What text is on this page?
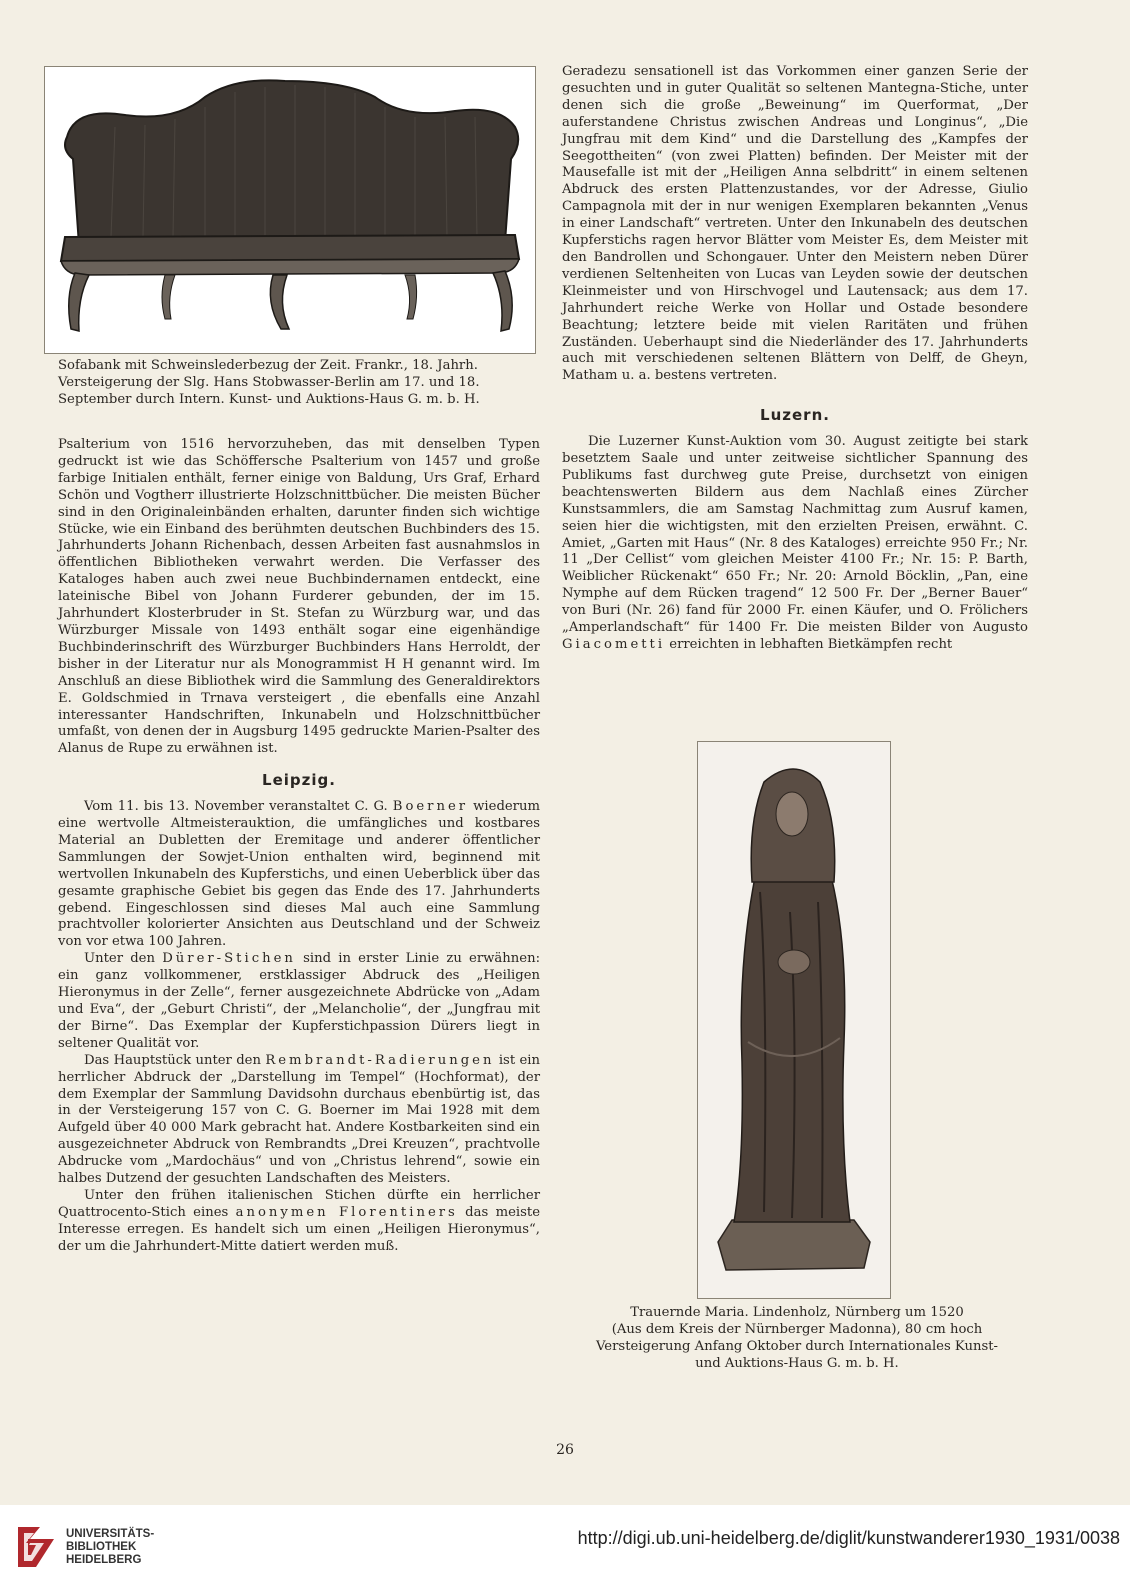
Sofabank mit Schweinslederbezug der Zeit. Frankr., 18. Jahrh.
Versteigerung der Slg. Hans Stobwasser-Berlin am 17. und 18.
September durch Intern. Kunst- und Auktions-Haus G. m. b. H.

Psalterium von 1516 hervorzuheben, das mit denselben Typen gedruckt ist wie das Schöffersche Psalterium von 1457 und große farbige Initialen enthält, ferner einige von Baldung, Urs Graf, Erhard Schön und Vogtherr illustrierte Holzschnittbücher. Die meisten Bücher sind in den Originaleinbänden erhalten, darunter finden sich wichtige Stücke, wie ein Einband des berühmten deutschen Buchbinders des 15. Jahrhunderts Johann Richenbach, dessen Arbeiten fast ausnahmslos in öffentlichen Bibliotheken verwahrt werden. Die Verfasser des Kataloges haben auch zwei neue Buchbindernamen entdeckt, eine lateinische Bibel von Johann Furderer gebunden, der im 15. Jahrhundert Klosterbruder in St. Stefan zu Würzburg war, und das Würzburger Missale von 1493 enthält sogar eine eigenhändige Buchbinderinschrift des Würzburger Buchbinders Hans Herroldt, der bisher in der Literatur nur als Monogrammist H H genannt wird. Im Anschluß an diese Bibliothek wird die Sammlung des Generaldirektors E. Goldschmied in Trnava versteigert , die ebenfalls eine Anzahl interessanter Handschriften, Inkunabeln und Holzschnittbücher umfaßt, von denen der in Augsburg 1495 gedruckte Marien-Psalter des Alanus de Rupe zu erwähnen ist.

Leipzig.

Vom 11. bis 13. November veranstaltet C. G. Boerner wiederum eine wertvolle Altmeisterauktion, die umfängliches und kostbares Material an Dubletten der Eremitage und anderer öffentlicher Sammlungen der Sowjet-Union enthalten wird, beginnend mit wertvollen Inkunabeln des Kupferstichs, und einen Ueberblick über das gesamte graphische Gebiet bis gegen das Ende des 17. Jahrhunderts gebend. Eingeschlossen sind dieses Mal auch eine Sammlung prachtvoller kolorierter Ansichten aus Deutschland und der Schweiz von vor etwa 100 Jahren.

Unter den Dürer-Stichen sind in erster Linie zu erwähnen: ein ganz vollkommener, erstklassiger Abdruck des „Heiligen Hieronymus in der Zelle“, ferner ausgezeichnete Abdrücke von „Adam und Eva“, der „Geburt Christi“, der „Melancholie“, der „Jungfrau mit der Birne“. Das Exemplar der Kupferstichpassion Dürers liegt in seltener Qualität vor.

Das Hauptstück unter den Rembrandt-Radierungen ist ein herrlicher Abdruck der „Darstellung im Tempel“ (Hochformat), der dem Exemplar der Sammlung Davidsohn durchaus ebenbürtig ist, das in der Versteigerung 157 von C. G. Boerner im Mai 1928 mit dem Aufgeld über 40 000 Mark gebracht hat. Andere Kostbarkeiten sind ein ausgezeichneter Abdruck von Rembrandts „Drei Kreuzen“, prachtvolle Abdrucke vom „Mardochäus“ und von „Christus lehrend“, sowie ein halbes Dutzend der gesuchten Landschaften des Meisters.

Unter den frühen italienischen Stichen dürfte ein herrlicher Quattrocento-Stich eines anonymen Florentiners das meiste Interesse erregen. Es handelt sich um einen „Heiligen Hieronymus“, der um die Jahrhundert-Mitte datiert werden muß.

Geradezu sensationell ist das Vorkommen einer ganzen Serie der gesuchten und in guter Qualität so seltenen Mantegna-Stiche, unter denen sich die große „Beweinung“ im Querformat, „Der auferstandene Christus zwischen Andreas und Longinus“, „Die Jungfrau mit dem Kind“ und die Darstellung des „Kampfes der Seegottheiten“ (von zwei Platten) befinden. Der Meister mit der Mausefalle ist mit der „Heiligen Anna selbdritt“ in einem seltenen Abdruck des ersten Plattenzustandes, vor der Adresse, Giulio Campagnola mit der in nur wenigen Exemplaren bekannten „Venus in einer Landschaft“ vertreten. Unter den Inkunabeln des deutschen Kupferstichs ragen hervor Blätter vom Meister Es, dem Meister mit den Bandrollen und Schongauer. Unter den Meistern neben Dürer verdienen Seltenheiten von Lucas van Leyden sowie der deutschen Kleinmeister und von Hirschvogel und Lautensack; aus dem 17. Jahrhundert reiche Werke von Hollar und Ostade besondere Beachtung; letztere beide mit vielen Raritäten und frühen Zuständen. Ueberhaupt sind die Niederländer des 17. Jahrhunderts auch mit verschiedenen seltenen Blättern von Delff, de Gheyn, Matham u. a. bestens vertreten.

Luzern.

Die Luzerner Kunst-Auktion vom 30. August zeitigte bei stark besetztem Saale und unter zeitweise sichtlicher Spannung des Publikums fast durchweg gute Preise, durchsetzt von einigen beachtenswerten Bildern aus dem Nachlaß eines Zürcher Kunstsammlers, die am Samstag Nachmittag zum Ausruf kamen, seien hier die wichtigsten, mit den erzielten Preisen, erwähnt. C. Amiet, „Garten mit Haus“ (Nr. 8 des Kataloges) erreichte 950 Fr.; Nr. 11 „Der Cellist“ vom gleichen Meister 4100 Fr.; Nr. 15: P. Barth, Weiblicher Rückenakt“ 650 Fr.; Nr. 20: Arnold Böcklin, „Pan, eine Nymphe auf dem Rücken tragend“ 12 500 Fr. Der „Berner Bauer“ von Buri (Nr. 26) fand für 2000 Fr. einen Käufer, und O. Frölichers „Amperlandschaft“ für 1400 Fr. Die meisten Bilder von Augusto Giacometti erreichten in lebhaften Bietkämpfen recht

Trauernde Maria. Lindenholz, Nürnberg um 1520
(Aus dem Kreis der Nürnberger Madonna), 80 cm hoch
Versteigerung Anfang Oktober durch Internationales Kunst-
und Auktions-Haus G. m. b. H.
26
UNIVERSITÄTS-
BIBLIOTHEK
HEIDELBERG
http://digi.ub.uni-heidelberg.de/diglit/kunstwanderer1930_1931/0038
